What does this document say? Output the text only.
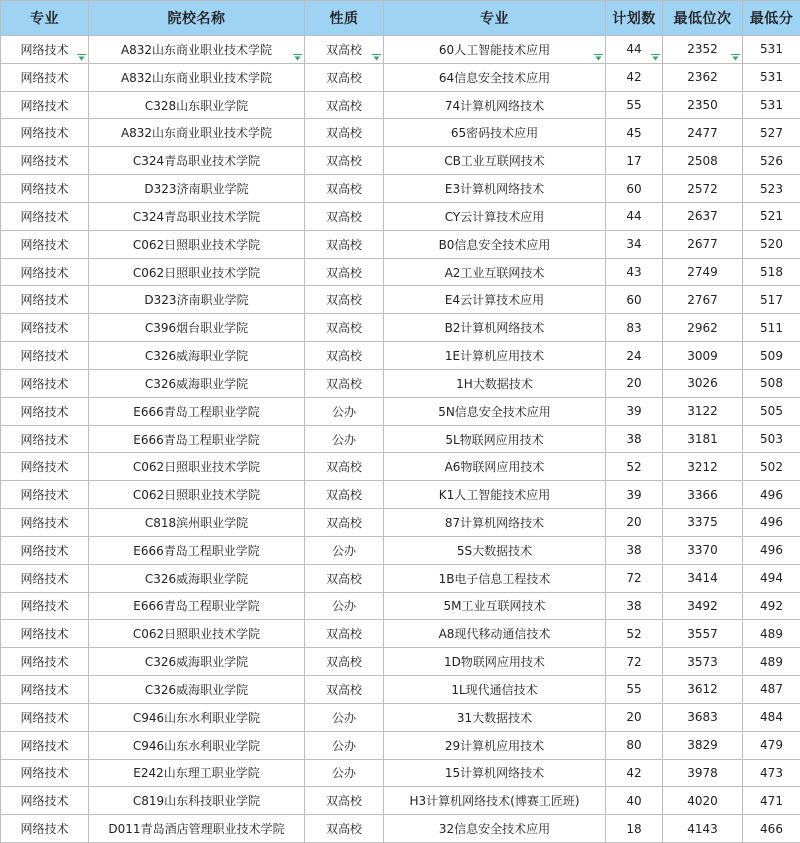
专业	院校名称	性质	专业	计划数	最低位次	最低分
网络技术	A832山东商业职业技术学院	双高校	60人工智能技术应用	44	2352	531
网络技术	A832山东商业职业技术学院	双高校	64信息安全技术应用	42	2362	531
网络技术	C328山东职业学院	双高校	74计算机网络技术	55	2350	531
网络技术	A832山东商业职业技术学院	双高校	65密码技术应用	45	2477	527
网络技术	C324青岛职业技术学院	双高校	CB工业互联网技术	17	2508	526
网络技术	D323济南职业学院	双高校	E3计算机网络技术	60	2572	523
网络技术	C324青岛职业技术学院	双高校	CY云计算技术应用	44	2637	521
网络技术	C062日照职业技术学院	双高校	B0信息安全技术应用	34	2677	520
网络技术	C062日照职业技术学院	双高校	A2工业互联网技术	43	2749	518
网络技术	D323济南职业学院	双高校	E4云计算技术应用	60	2767	517
网络技术	C396烟台职业学院	双高校	B2计算机网络技术	83	2962	511
网络技术	C326威海职业学院	双高校	1E计算机应用技术	24	3009	509
网络技术	C326威海职业学院	双高校	1H大数据技术	20	3026	508
网络技术	E666青岛工程职业学院	公办	5N信息安全技术应用	39	3122	505
网络技术	E666青岛工程职业学院	公办	5L物联网应用技术	38	3181	503
网络技术	C062日照职业技术学院	双高校	A6物联网应用技术	52	3212	502
网络技术	C062日照职业技术学院	双高校	K1人工智能技术应用	39	3366	496
网络技术	C818滨州职业学院	双高校	87计算机网络技术	20	3375	496
网络技术	E666青岛工程职业学院	公办	5S大数据技术	38	3370	496
网络技术	C326威海职业学院	双高校	1B电子信息工程技术	72	3414	494
网络技术	E666青岛工程职业学院	公办	5M工业互联网技术	38	3492	492
网络技术	C062日照职业技术学院	双高校	A8现代移动通信技术	52	3557	489
网络技术	C326威海职业学院	双高校	1D物联网应用技术	72	3573	489
网络技术	C326威海职业学院	双高校	1L现代通信技术	55	3612	487
网络技术	C946山东水利职业学院	公办	31大数据技术	20	3683	484
网络技术	C946山东水利职业学院	公办	29计算机应用技术	80	3829	479
网络技术	E242山东理工职业学院	公办	15计算机网络技术	42	3978	473
网络技术	C819山东科技职业学院	双高校	H3计算机网络技术(博赛工匠班)	40	4020	471
网络技术	D011青岛酒店管理职业技术学院	双高校	32信息安全技术应用	18	4143	466
